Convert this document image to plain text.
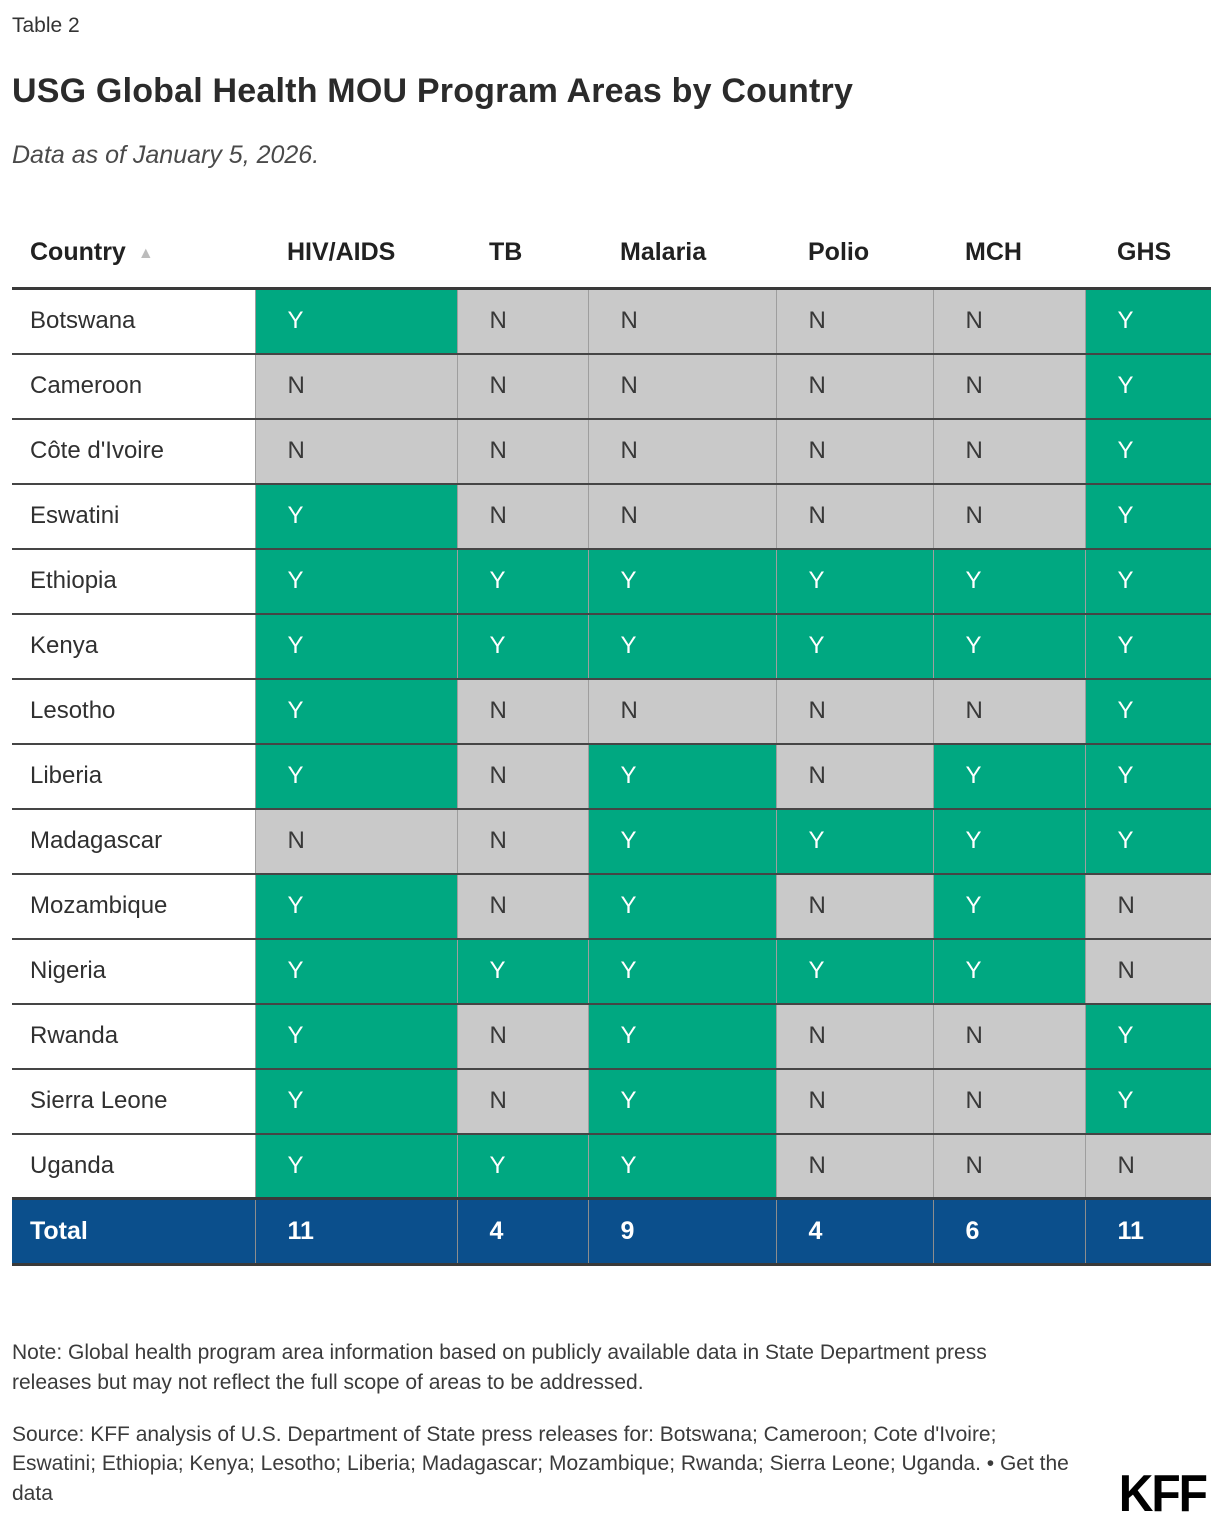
Table 2
USG Global Health MOU Program Areas by Country

Data as of January 5, 2026.

Country ▲	HIV/AIDS	TB	Malaria	Polio	MCH	GHS
Botswana	Y	N	N	N	N	Y
Cameroon	N	N	N	N	N	Y
Côte d'Ivoire	N	N	N	N	N	Y
Eswatini	Y	N	N	N	N	Y
Ethiopia	Y	Y	Y	Y	Y	Y
Kenya	Y	Y	Y	Y	Y	Y
Lesotho	Y	N	N	N	N	Y
Liberia	Y	N	Y	N	Y	Y
Madagascar	N	N	Y	Y	Y	Y
Mozambique	Y	N	Y	N	Y	N
Nigeria	Y	Y	Y	Y	Y	N
Rwanda	Y	N	Y	N	N	Y
Sierra Leone	Y	N	Y	N	N	Y
Uganda	Y	Y	Y	N	N	N
Total	11	4	9	4	6	11

Note: Global health program area information based on publicly available data in State Department press releases but may not reflect the full scope of areas to be addressed.

Source: KFF analysis of U.S. Department of State press releases for: Botswana; Cameroon; Cote d'Ivoire; Eswatini; Ethiopia; Kenya; Lesotho; Liberia; Madagascar; Mozambique; Rwanda; Sierra Leone; Uganda. • Get the data	KFF
